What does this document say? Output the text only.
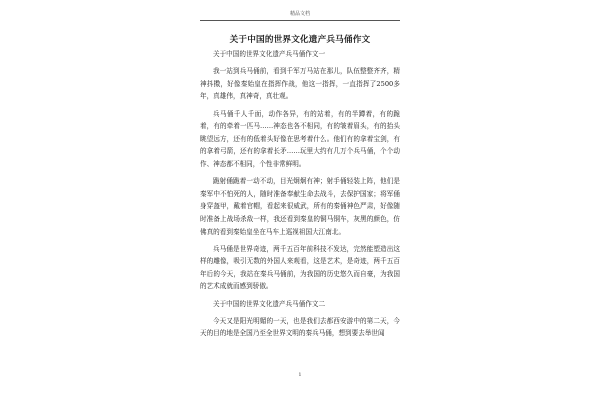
精品文档
关于中国的世界文化遗产兵马俑作文

关于中国的世界文化遗产兵马俑作文一

我一站到兵马俑前，看到千军万马站在那儿，队伍整整齐齐，精神抖擞，好像秦始皇在指挥作战，他这一指挥，一直指挥了2500多年，真雄伟，真神奇，真壮观。

兵马俑千人千面，动作各异，有的站着，有的半蹲着，有的跪着，有的牵着一匹马……神态也各不相同，有的皱着眉头，有的抬头眺望远方，还有的低着头好像在思考着什么。他们有的拿着宝剑，有的拿着弓箭，还有的拿着长矛……玩里大约有几万个兵马俑，个个动作、神态都不相同，个性非常鲜明。

跪射俑跪着一动不动，目光炯炯有神；射手俑轻装上阵，他们是秦军中不怕死的人，随时准备奉献生命去战斗，去保护国家；将军俑身穿盔甲，戴着官帽，看起来很威武，所有的秦俑神色严肃，好像随时准备上战场杀敌一样，我还看到秦皇的铜马铜车，灰黑的颜色，仿佛真的看到秦始皇坐在马车上巡视祖国大江南北。

兵马俑是世界奇迹，两千五百年前科技不发达，完然能塑造出这样的雕像，吸引无数的外国人来观看，这是艺术，是奇迹，两千五百年后的今天，我站在秦兵马俑前，为我国的历史悠久而自豪，为我国的艺术成就而感到骄傲。

关于中国的世界文化遗产兵马俑作文二

今天又是阳光明媚的一天，也是我们去都西安游中的第二天，今天的目的地是全国乃至全世界文明的秦兵马俑，想到要去举世闻

1
